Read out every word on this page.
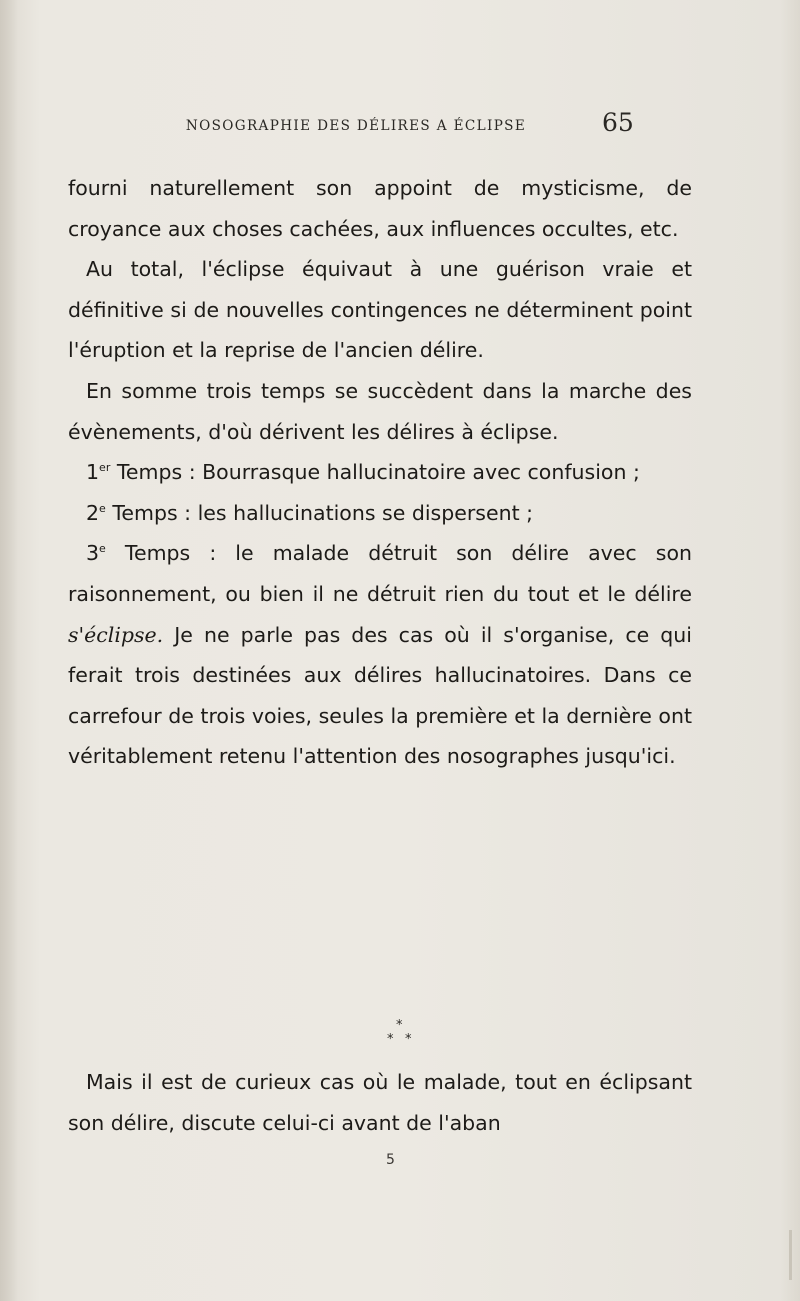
NOSOGRAPHIE DES DÉLIRES A ÉCLIPSE	65

fourni naturellement son appoint de mysticisme, de croyance aux choses cachées, aux influences occultes, etc.

Au total, l'éclipse équivaut à une guérison vraie et définitive si de nouvelles contingences ne déterminent point l'éruption et la reprise de l'ancien délire.

En somme trois temps se succèdent dans la marche des évènements, d'où dérivent les délires à éclipse.

1er Temps : Bourrasque hallucinatoire avec confusion ;

2e Temps : les hallucinations se dispersent ;

3e Temps : le malade détruit son délire avec son raisonnement, ou bien il ne détruit rien du tout et le délire s'éclipse. Je ne parle pas des cas où il s'organise, ce qui ferait trois destinées aux délires hallucinatoires. Dans ce carrefour de trois voies, seules la première et la dernière ont véritablement retenu l'attention des nosographes jusqu'ici.

*
* *

Mais il est de curieux cas où le malade, tout en éclipsant son délire, discute celui-ci avant de l'aban

5
